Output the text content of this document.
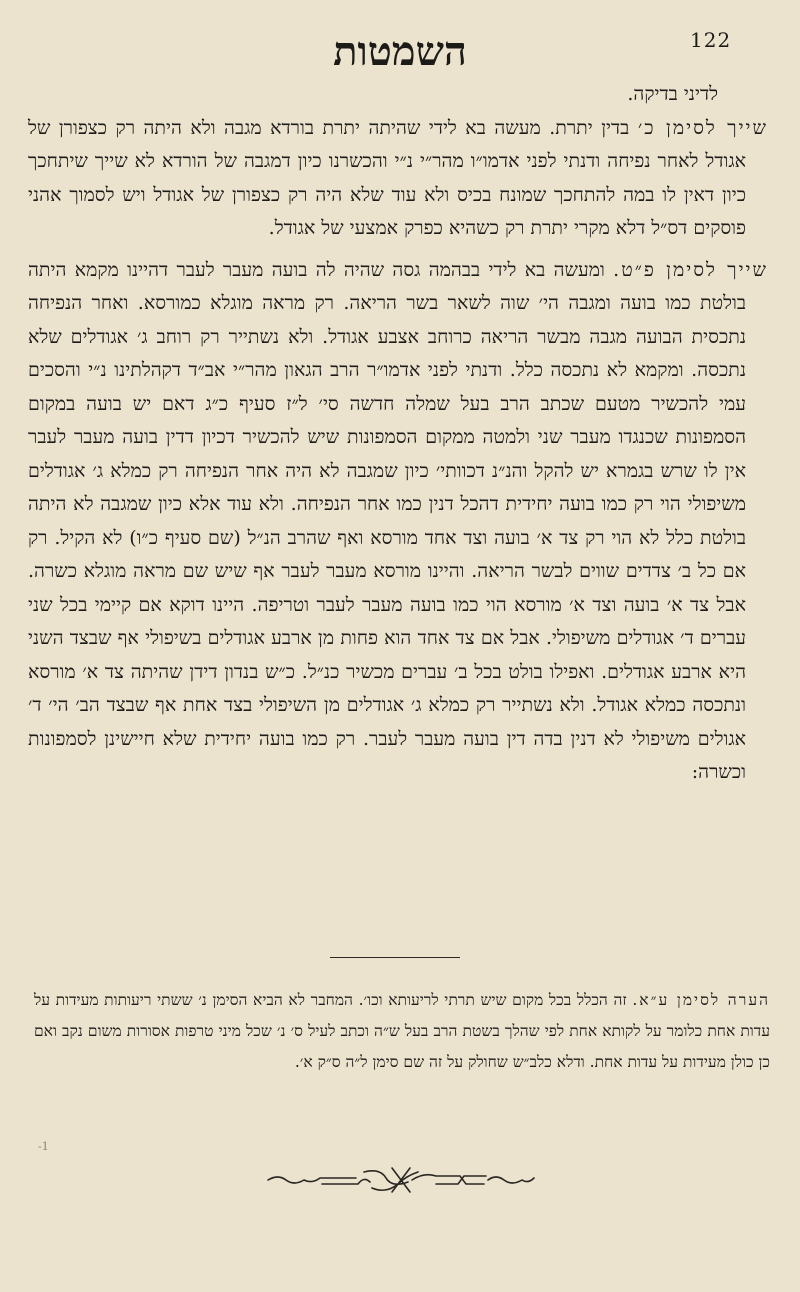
השמטות	122

לדיני בדיקה.

שייך לסימן כ׳ בדין יתרת. מעשה בא לידי שהיתה יתרת בורדא מגבה ולא היתה רק כצפורן של אגודל לאחר נפיחה ודנתי לפני אדמו״ו מהר״י נ״י והכשרנו כיון דמגבה של הורדא לא שייך שיתחכך כיון דאין לו במה להתחכך שמונח בכיס ולא עוד שלא היה רק כצפורן של אגודל ויש לסמוך אהני פוסקים דס״ל דלא מקרי יתרת רק כשהיא כפרק אמצעי של אגודל.

שייך לסימן פ״ט. ומעשה בא לידי בבהמה גסה שהיה לה בועה מעבר לעבר דהיינו מקמא היתה בולטת כמו בועה ומגבה הי׳ שוה לשאר בשר הריאה. רק מראה מוגלא כמורסא. ואחר הנפיחה נתכסית הבועה מגבה מבשר הריאה כרוחב אצבע אגודל. ולא נשתייר רק רוחב ג׳ אגודלים שלא נתכסה. ומקמא לא נתכסה כלל. ודנתי לפני אדמו״ר הרב הגאון מהר״י אב״ד דקהלתינו נ״י והסכים עמי להכשיר מטעם שכתב הרב בעל שמלה חדשה סי׳ ל״ז סעיף כ״ג דאם יש בועה במקום הסמפונות שכנגדו מעבר שני ולמטה ממקום הסמפונות שיש להכשיר דכיון דדין בועה מעבר לעבר אין לו שרש בגמרא יש להקל והנ״נ דכוותי׳ כיון שמגבה לא היה אחר הנפיחה רק כמלא ג׳ אגודלים משיפולי הוי רק כמו בועה יחידית דהכל דנין כמו אחר הנפיחה. ולא עוד אלא כיון שמגבה לא היתה בולטת כלל לא הוי רק צד א׳ בועה וצד אחד מורסא ואף שהרב הנ״ל (שם סעיף כ״ו) לא הקיל. רק אם כל ב׳ צדדים שווים לבשר הריאה. והיינו מורסא מעבר לעבר אף שיש שם מראה מוגלא כשרה. אבל צד א׳ בועה וצד א׳ מורסא הוי כמו בועה מעבר לעבר וטריפה. היינו דוקא אם קיימי בכל שני עברים ד׳ אגודלים משיפולי. אבל אם צד אחד הוא פחות מן ארבע אגודלים בשיפולי אף שבצד השני היא ארבע אגודלים. ואפילו בולט בכל ב׳ עברים מכשיר כנ״ל. כ״ש בנדון דידן שהיתה צד א׳ מורסא ונתכסה כמלא אגודל. ולא נשתייר רק כמלא ג׳ אגודלים מן השיפולי בצד אחת אף שבצד הב׳ הי׳ ד׳ אגולים משיפולי לא דנין בדה דין בועה מעבר לעבר. רק כמו בועה יחידית שלא חיישינן לסמפונות וכשרה:

הערה לסימן ע״א. זה הכלל בכל מקום שיש תרתי לריעותא וכו׳. המחבר לא הביא הסימן נ׳ ששתי ריעותות מעידות על עדות אחת כלומר על לקותא אחת לפי שהלך בשטת הרב בעל ש״ה וכתב לעיל ס׳ נ׳ שכל מיני טרפות אסורות משום נקב ואם כן כולן מעידות על עדות אחת. ודלא כלב״ש שחולק על זה שם סימן ל״ה ס״ק א׳.

-1
